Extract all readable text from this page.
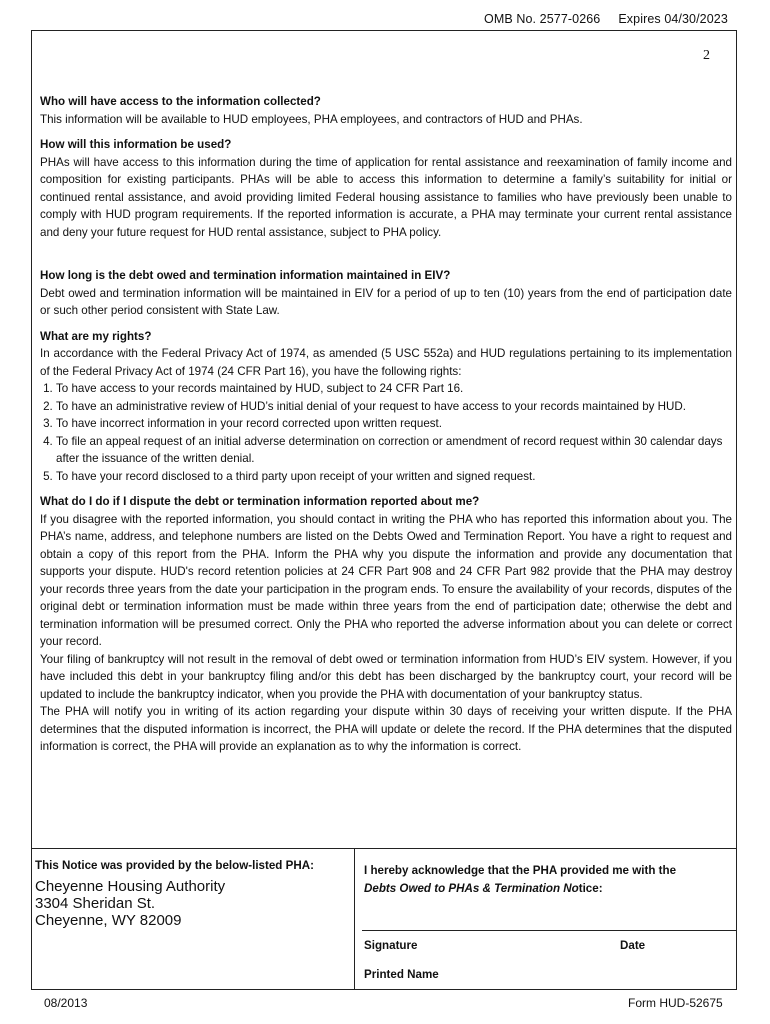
OMB No. 2577-0266 Expires 04/30/2023
2
Who will have access to the information collected?
This information will be available to HUD employees, PHA employees, and contractors of HUD and PHAs.
How will this information be used?
PHAs will have access to this information during the time of application for rental assistance and reexamination of family income and composition for existing participants. PHAs will be able to access this information to determine a family’s suitability for initial or continued rental assistance, and avoid providing limited Federal housing assistance to families who have previously been unable to comply with HUD program requirements. If the reported information is accurate, a PHA may terminate your current rental assistance and deny your future request for HUD rental assistance, subject to PHA policy.
How long is the debt owed and termination information maintained in EIV?
Debt owed and termination information will be maintained in EIV for a period of up to ten (10) years from the end of participation date or such other period consistent with State Law.
What are my rights?
In accordance with the Federal Privacy Act of 1974, as amended (5 USC 552a) and HUD regulations pertaining to its implementation of the Federal Privacy Act of 1974 (24 CFR Part 16), you have the following rights:
1. To have access to your records maintained by HUD, subject to 24 CFR Part 16.
2. To have an administrative review of HUD’s initial denial of your request to have access to your records maintained by HUD.
3. To have incorrect information in your record corrected upon written request.
4. To file an appeal request of an initial adverse determination on correction or amendment of record request within 30 calendar days after the issuance of the written denial.
5. To have your record disclosed to a third party upon receipt of your written and signed request.
What do I do if I dispute the debt or termination information reported about me?
If you disagree with the reported information, you should contact in writing the PHA who has reported this information about you. The PHA’s name, address, and telephone numbers are listed on the Debts Owed and Termination Report. You have a right to request and obtain a copy of this report from the PHA. Inform the PHA why you dispute the information and provide any documentation that supports your dispute. HUD's record retention policies at 24 CFR Part 908 and 24 CFR Part 982 provide that the PHA may destroy your records three years from the date your participation in the program ends. To ensure the availability of your records, disputes of the original debt or termination information must be made within three years from the end of participation date; otherwise the debt and termination information will be presumed correct. Only the PHA who reported the adverse information about you can delete or correct your record.
Your filing of bankruptcy will not result in the removal of debt owed or termination information from HUD’s EIV system. However, if you have included this debt in your bankruptcy filing and/or this debt has been discharged by the bankruptcy court, your record will be updated to include the bankruptcy indicator, when you provide the PHA with documentation of your bankruptcy status.
The PHA will notify you in writing of its action regarding your dispute within 30 days of receiving your written dispute. If the PHA determines that the disputed information is incorrect, the PHA will update or delete the record. If the PHA determines that the disputed information is correct, the PHA will provide an explanation as to why the information is correct.
This Notice was provided by the below-listed PHA:
Cheyenne Housing Authority
3304 Sheridan St.
Cheyenne, WY 82009
I hereby acknowledge that the PHA provided me with the
Debts Owed to PHAs & Termination Notice:
Signature	Date
Printed Name
08/2013	Form HUD-52675
